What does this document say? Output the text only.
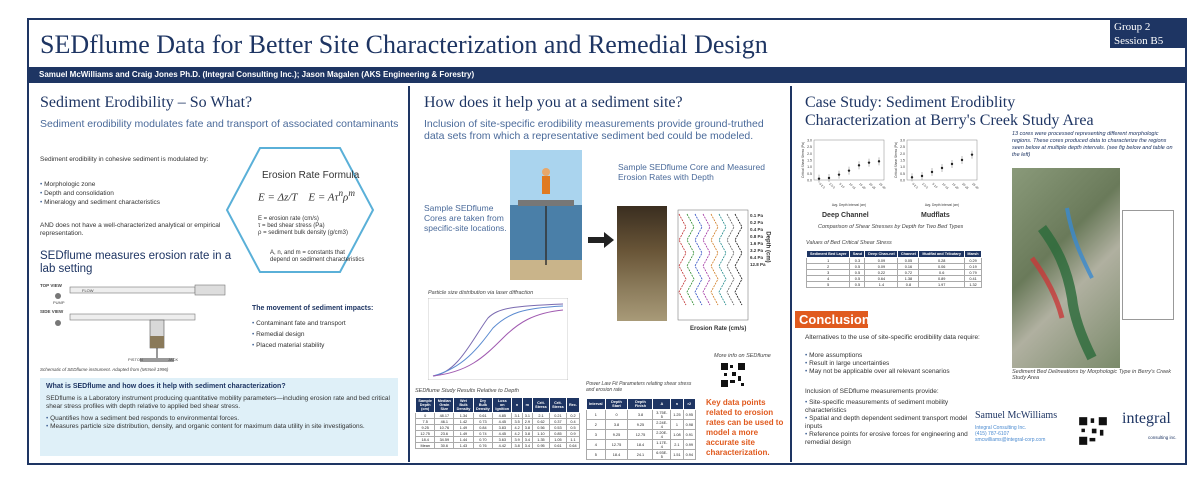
SEDflume Data for Better Site Characterization and Remedial Design
Group 2
Session B5
Samuel McWilliams and Craig Jones Ph.D. (Integral Consulting Inc.); Jason Magalen (AKS Engineering & Forestry)
Sediment Erodibility – So What?
Sediment erodibility modulates fate and transport of associated contaminants
Sediment erodibility in cohesive sediment is modulated by:
• Morphologic zone
• Depth and consolidation
• Mineralogy and sediment characteristics
AND does not have a well-characterized analytical or empirical representation.
Erosion Rate Formula
E = Δz/T    $E = A\tau^n\rho^m$
E = erosion rate (cm/s)
τ = bed shear stress (Pa)
ρ = sediment bulk density (g/cm3)
A, n, and m = constants that depend on sediment characteristics
SEDflume measures erosion rate in a lab setting
TOP VIEW
SIDE VIEW
PUMP
FLOW
PISTON	JACK
Schematic of SEDflume instrument. Adapted from (McNeil 1996)
The movement of sediment impacts:
• Contaminant fate and transport
• Remedial design
• Placed material stability
What is SEDflume and how does it help with sediment characterization?
SEDflume is a Laboratory instrument producing quantitative mobility parameters—including erosion rate and bed critical shear stress profiles with depth relative to applied bed shear stress.
• Quantifies how a sediment bed responds to environmental forces.
• Measures particle size distribution, density, and organic content for maximum data utility in site investigations.
How does it help you at a sediment site?
Inclusion of site-specific erodibility measurements provide ground-truthed data sets from which a representative sediment bed could be modeled.
Sample SEDflume Cores are taken from specific-site locations.
Sample SEDflume Core and Measured Erosion Rates with Depth
Erosion Rate (cm/s)
Depth (cm)
0.1 Pa
0.2 Pa
0.4 Pa
0.8 Pa
1.6 Pa
3.2 Pa
6.4 Pa
12.8 Pa
Particle size distribution via laser diffraction
SEDflume Study Results Relative to Depth
Sample Depth (cm)	Median Grain Size	Wet Bulk Density	Dry Bulk Density	Loss on Ignition	n	m	Crit. Stress	Crit. Stress	Rec.
0	48.17	1.34	0.61	4.85	3.1	3.1	2.1	0.21	0.2
7.5	46.1	1.42	0.73	4.45	3.5	2.9	0.62	0.37	0.4
9.25	10.76	1.49	0.84	3.83	4.2	3.8	0.56	0.53	0.5
12.75	23.6	1.49	0.74	4.45	4.2	3.8	1.10	0.85	0.9
18.4	34.59	1.44	0.70	3.63	3.9	3.4	1.35	1.05	1.1
Mean	30.6	1.43	0.76	4.42	3.8	3.4	0.95	0.61	0.64
Power Law Fit Parameters relating shear stress and erosion rate
Interval	Depth Start	Depth Finish	A	n	r2
1	0	3.8	3.75E-5	1.25	0.95
2	3.8	9.25	2.24E-4	1	0.98
3	9.25	12.75	2.20E-4	1.08	0.91
4	12.75	18.4	1.17E-4	2.1	0.99
5	18.4	24.1	6.93E-5	1.51	0.94
More info on SEDflume
Key data points related to erosion rates can be used to model a more accurate site characterization.
Case Study: Sediment Erodiblity
Characterization at Berry's Creek Study Area
13 cores were processed representing different morphologic regions. These cores produced data to characterize the regions seen below at multiple depth intervals. (see fig below and table on the left)
0.0
0.5
1.0
1.5
2.0
2.5
3.0
0-2.5 2.5-5 5-10 10-15 15-20 20-25 25-30
Critical Shear Stress (Pa)
Avg. Depth Interval (cm)
0.0
0.5
1.0
1.5
2.0
2.5
3.0
0-2.5 2.5-5 5-10 10-15 15-20 20-25 25-30
Critical Shear Stress (Pa)
Avg. Depth Interval (cm)
Deep Channel	Mudflats
Comparison of Shear Stresses by Depth for Two Bed Types
Values of Bed Critical Shear Stress
Sediment Bed Layer	Sand	Deep Chan-nel	Channel	Mudflat and Tributary	Marsh
1	0.3	0.09	0.05	0.28	0.29
2	0.5	0.09	0.16	0.06	0.19
3	0.5	0.22	0.72	0.6	0.79
4	0.5	0.64	1.38	0.89	0.41
5	0.5	1.4	0.8	1.97	1.32
Sediment Bed Delineations by Morphologic Type in Berry's Creek Study Area
Conclusion
Alternatives to the use of site-specific erodibility data require:
• More assumptions
• Result in large uncertainties
• May not be applicable over all relevant scenarios
Inclusion of SEDflume measurements provide:
• Site-specific measurements of sediment mobility characteristics
• Spatial and depth dependent sediment transport model inputs
• Reference points for erosive forces for engineering and remedial design
Samuel McWilliams
Integral Consulting Inc.
(415) 787-6107
smcwilliams@integral-corp.com
integral
consulting inc.
